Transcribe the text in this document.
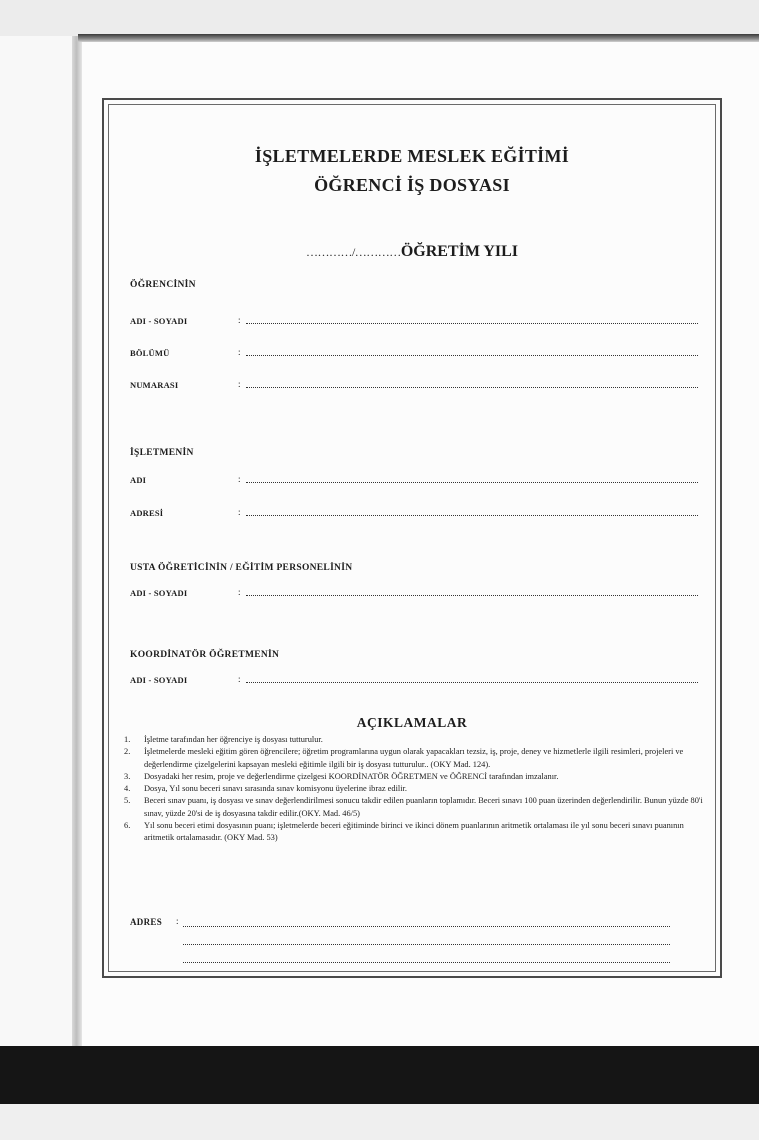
İŞLETMELERDE MESLEK EĞİTİMİ
ÖĞRENCİ İŞ DOSYASI
…………/…………ÖĞRETİM YILI
ÖĞRENCİNİN
ADI - SOYADI	:
BÖLÜMÜ	:
NUMARASI	:
İŞLETMENİN
ADI	:
ADRESİ	:
USTA ÖĞRETİCİNİN / EĞİTİM PERSONELİNİN
ADI - SOYADI	:
KOORDİNATÖR ÖĞRETMENİN
ADI - SOYADI	:
AÇIKLAMALAR
1. İşletme tarafından her öğrenciye iş dosyası tutturulur.
2. İşletmelerde mesleki eğitim gören öğrencilere; öğretim programlarına uygun olarak yapacakları tezsiz, iş, proje, deney ve hizmetlerle ilgili resimleri, projeleri ve değerlendirme çizelgelerini kapsayan mesleki eğitimle ilgili bir iş dosyası tutturulur.. (OKY Mad. 124).
3. Dosyadaki her resim, proje ve değerlendirme çizelgesi KOORDİNATÖR ÖĞRETMEN ve ÖĞRENCİ tarafından imzalanır.
4. Dosya, Yıl sonu beceri sınavı sırasında sınav komisyonu üyelerine ibraz edilir.
5. Beceri sınav puanı, iş dosyası ve sınav değerlendirilmesi sonucu takdir edilen puanların toplamıdır. Beceri sınavı 100 puan üzerinden değerlendirilir. Bunun yüzde 80'i sınav, yüzde 20'si de iş dosyasına takdir edilir.(OKY. Mad. 46/5)
6. Yıl sonu beceri etimi dosyasının puanı; işletmelerde beceri eğitiminde birinci ve ikinci dönem puanlarının aritmetik ortalaması ile yıl sonu beceri sınavı puanının aritmetik ortalamasıdır. (OKY Mad. 53)
ADRES :
